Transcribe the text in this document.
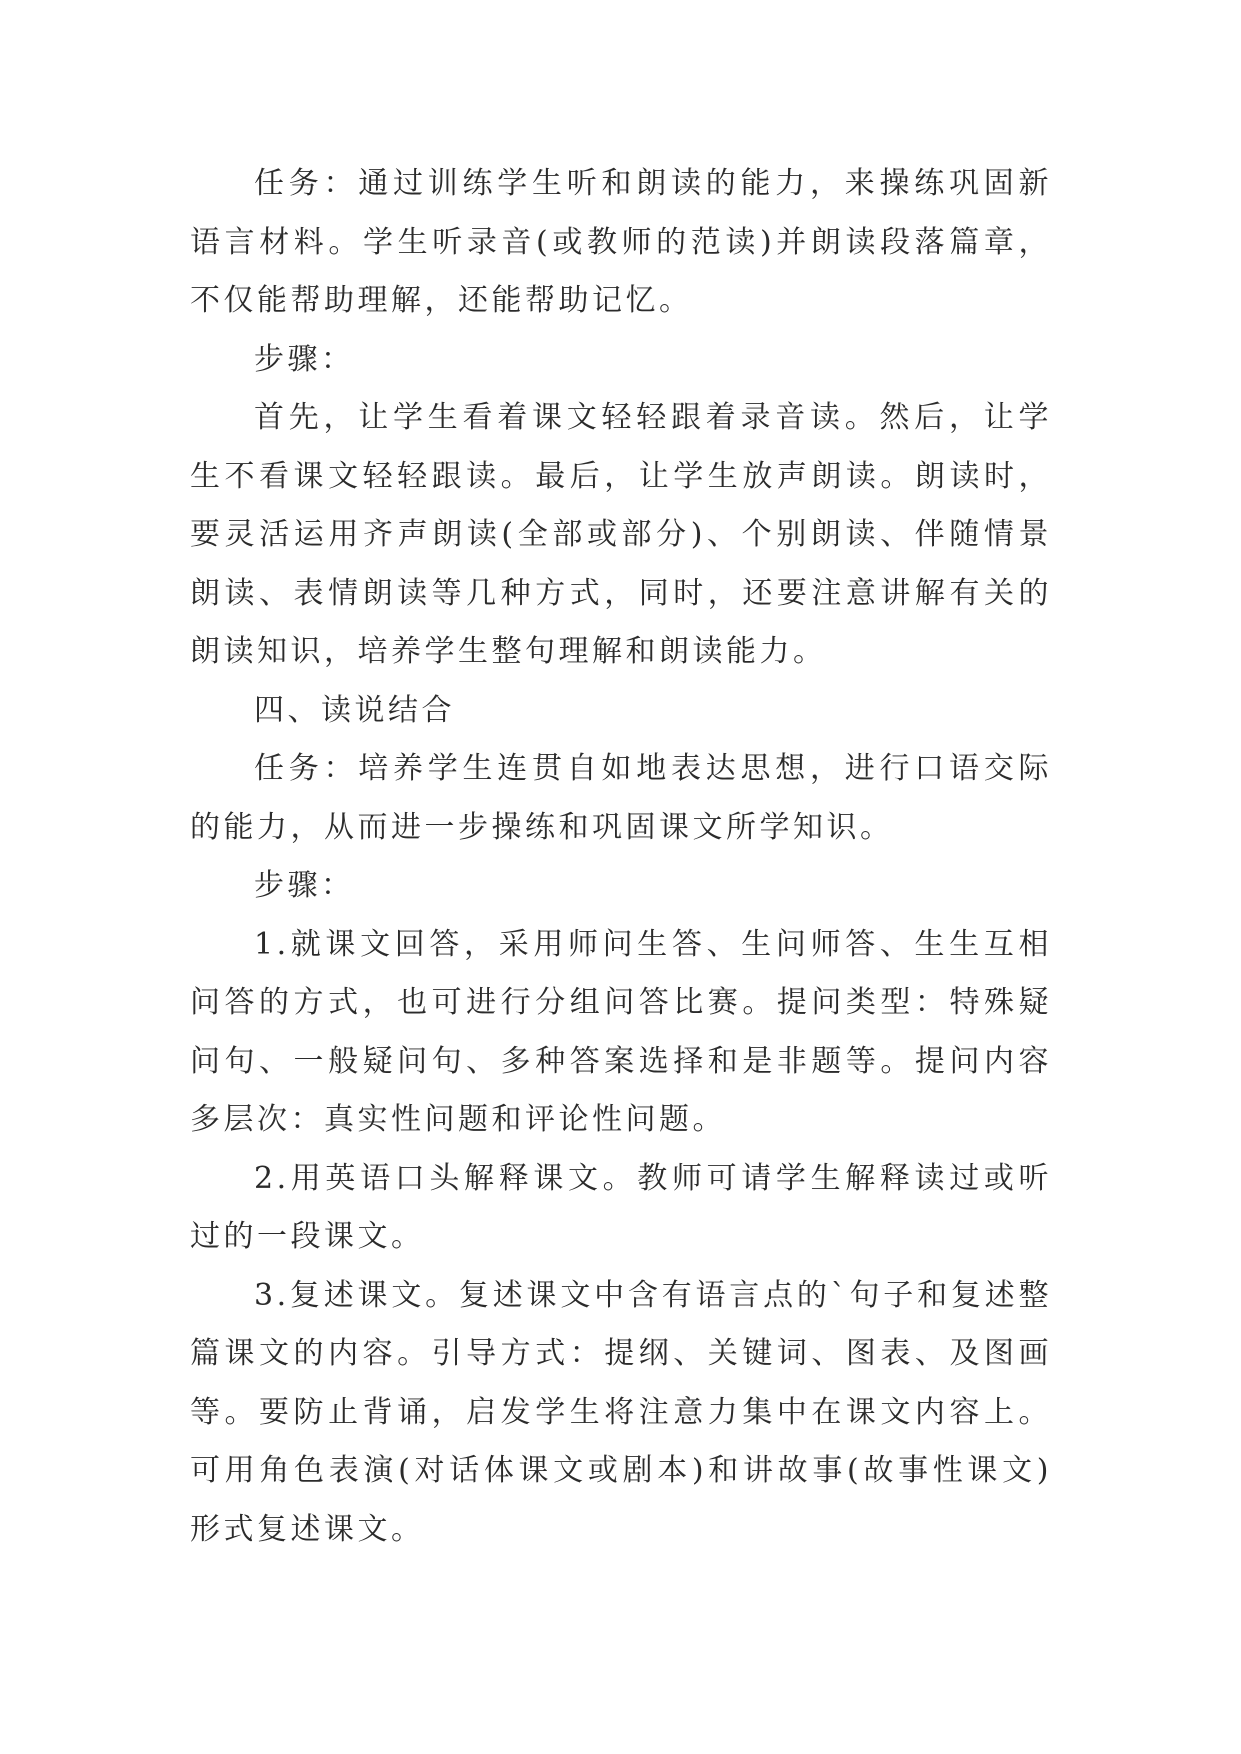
任务：通过训练学生听和朗读的能力，来操练巩固新语言材料。学生听录音(或教师的范读)并朗读段落篇章，不仅能帮助理解，还能帮助记忆。

步骤：

首先，让学生看着课文轻轻跟着录音读。然后，让学生不看课文轻轻跟读。最后，让学生放声朗读。朗读时，要灵活运用齐声朗读(全部或部分)、个别朗读、伴随情景朗读、表情朗读等几种方式，同时，还要注意讲解有关的朗读知识，培养学生整句理解和朗读能力。

四、读说结合

任务：培养学生连贯自如地表达思想，进行口语交际的能力，从而进一步操练和巩固课文所学知识。

步骤：

1.就课文回答，采用师问生答、生问师答、生生互相问答的方式，也可进行分组问答比赛。提问类型：特殊疑问句、一般疑问句、多种答案选择和是非题等。提问内容多层次：真实性问题和评论性问题。

2.用英语口头解释课文。教师可请学生解释读过或听过的一段课文。

3.复述课文。复述课文中含有语言点的`句子和复述整篇课文的内容。引导方式：提纲、关键词、图表、及图画等。要防止背诵，启发学生将注意力集中在课文内容上。可用角色表演(对话体课文或剧本)和讲故事(故事性课文)形式复述课文。
